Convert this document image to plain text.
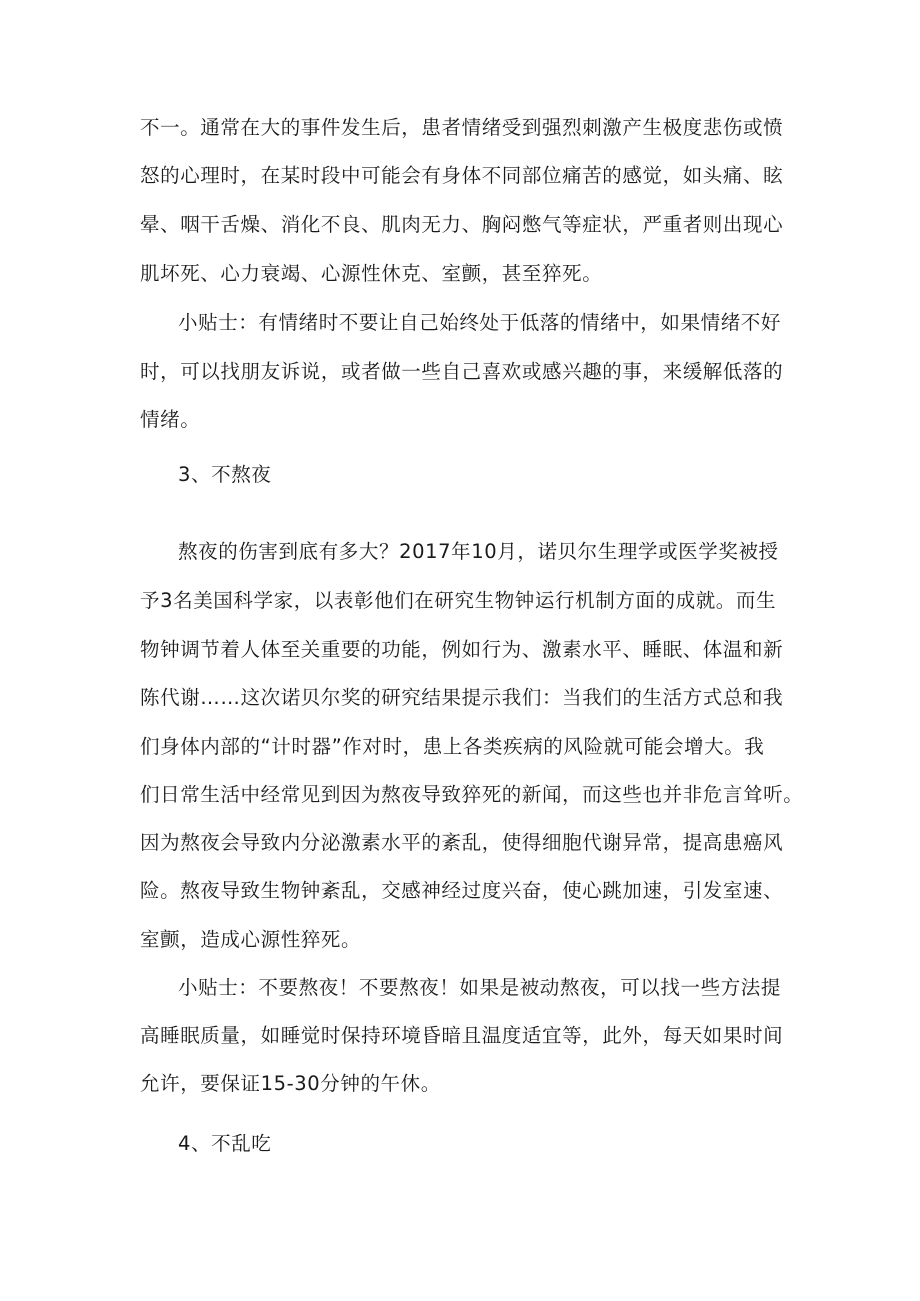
不一。通常在大的事件发生后，患者情绪受到强烈刺激产生极度悲伤或愤
怒的心理时，在某时段中可能会有身体不同部位痛苦的感觉，如头痛、眩
晕、咽干舌燥、消化不良、肌肉无力、胸闷憋气等症状，严重者则出现心
肌坏死、心力衰竭、心源性休克、室颤，甚至猝死。
小贴士：有情绪时不要让自己始终处于低落的情绪中，如果情绪不好
时，可以找朋友诉说，或者做一些自己喜欢或感兴趣的事，来缓解低落的
情绪。
3、不熬夜
熬夜的伤害到底有多大？2017年10月，诺贝尔生理学或医学奖被授
予3名美国科学家，以表彰他们在研究生物钟运行机制方面的成就。而生
物钟调节着人体至关重要的功能，例如行为、激素水平、睡眠、体温和新
陈代谢……这次诺贝尔奖的研究结果提示我们：当我们的生活方式总和我
们身体内部的“计时器”作对时，患上各类疾病的风险就可能会增大。我
们日常生活中经常见到因为熬夜导致猝死的新闻，而这些也并非危言耸听。
因为熬夜会导致内分泌激素水平的紊乱，使得细胞代谢异常，提高患癌风
险。熬夜导致生物钟紊乱，交感神经过度兴奋，使心跳加速，引发室速、
室颤，造成心源性猝死。
小贴士：不要熬夜！不要熬夜！如果是被动熬夜，可以找一些方法提
高睡眠质量，如睡觉时保持环境昏暗且温度适宜等，此外，每天如果时间
允许，要保证15-30分钟的午休。
4、不乱吃
